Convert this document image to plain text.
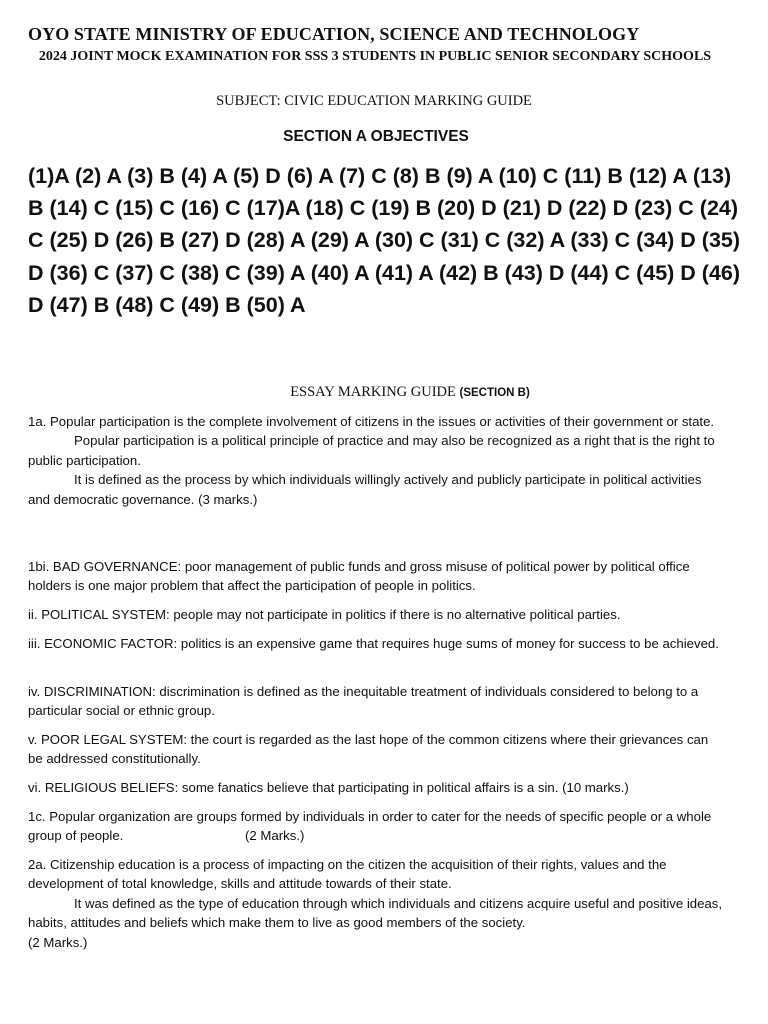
OYO STATE MINISTRY OF EDUCATION, SCIENCE AND TECHNOLOGY
2024 JOINT MOCK EXAMINATION FOR SSS 3 STUDENTS IN PUBLIC SENIOR SECONDARY SCHOOLS
SUBJECT: CIVIC EDUCATION MARKING GUIDE
SECTION A OBJECTIVES
(1)A (2) A (3) B (4) A (5) D (6) A (7) C (8) B (9) A (10) C (11) B (12) A (13) B (14) C (15) C (16) C (17)A (18) C (19) B (20) D (21) D (22) D (23) C (24) C (25) D (26) B (27) D (28) A (29) A (30) C (31) C (32) A (33) C (34) D (35) D (36) C (37) C (38) C (39) A (40) A (41) A (42) B (43) D (44) C (45) D (46) D (47) B (48) C (49) B (50) A
ESSAY MARKING GUIDE (SECTION B)
1a. Popular participation is the complete involvement of citizens in the issues or activities of their government or state.
Popular participation is a political principle of practice and may also be recognized as a right that is the right to public participation.
It is defined as the process by which individuals willingly actively and publicly participate in political activities and democratic governance. (3 marks.)

1bi. BAD GOVERNANCE: poor management of public funds and gross misuse of political power by political office holders is one major problem that affect the participation of people in politics.

ii. POLITICAL SYSTEM: people may not participate in politics if there is no alternative political parties.

iii. ECONOMIC FACTOR: politics is an expensive game that requires huge sums of money for success to be achieved.

iv. DISCRIMINATION: discrimination is defined as the inequitable treatment of individuals considered to belong to a particular social or ethnic group.

v. POOR LEGAL SYSTEM: the court is regarded as the last hope of the common citizens where their grievances can be addressed constitutionally.

vi. RELIGIOUS BELIEFS: some fanatics believe that participating in political affairs is a sin. (10 marks.)

1c. Popular organization are groups formed by individuals in order to cater for the needs of specific people or a whole group of people.	(2 Marks.)
2a. Citizenship education is a process of impacting on the citizen the acquisition of their rights, values and the development of total knowledge, skills and attitude towards of their state.
It was defined as the type of education through which individuals and citizens acquire useful and positive ideas, habits, attitudes and beliefs which make them to live as good members of the society.
(2 Marks.)
